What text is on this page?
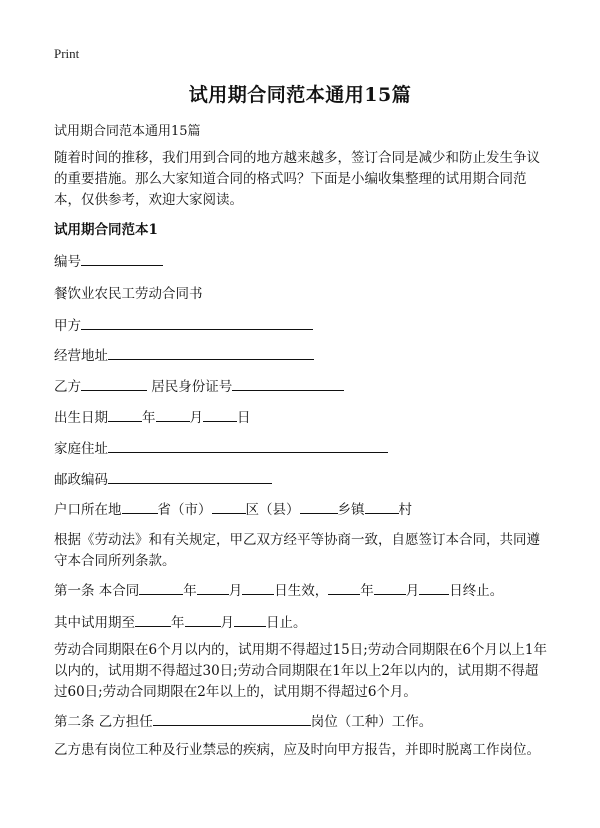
Print
试用期合同范本通用15篇
试用期合同范本通用15篇
随着时间的推移，我们用到合同的地方越来越多，签订合同是减少和防止发生争议的重要措施。那么大家知道合同的格式吗？下面是小编收集整理的试用期合同范本，仅供参考，欢迎大家阅读。
试用期合同范本1
编号
餐饮业农民工劳动合同书
甲方
经营地址
乙方	居民身份证号
出生日期	年	月	日
家庭住址
邮政编码
户口所在地	省（市）	区（县）	乡镇	村
根据《劳动法》和有关规定，甲乙双方经平等协商一致，自愿签订本合同，共同遵守本合同所列条款。
第一条 本合同	年 月 日生效， 年 月 日终止。
其中试用期至	年	月 日止。
劳动合同期限在6个月以内的，试用期不得超过15日;劳动合同期限在6个月以上1年以内的，试用期不得超过30日;劳动合同期限在1年以上2年以内的，试用期不得超过60日;劳动合同期限在2年以上的，试用期不得超过6个月。
第二条 乙方担任	岗位（工种）工作。
乙方患有岗位工种及行业禁忌的疾病，应及时向甲方报告，并即时脱离工作岗位。
